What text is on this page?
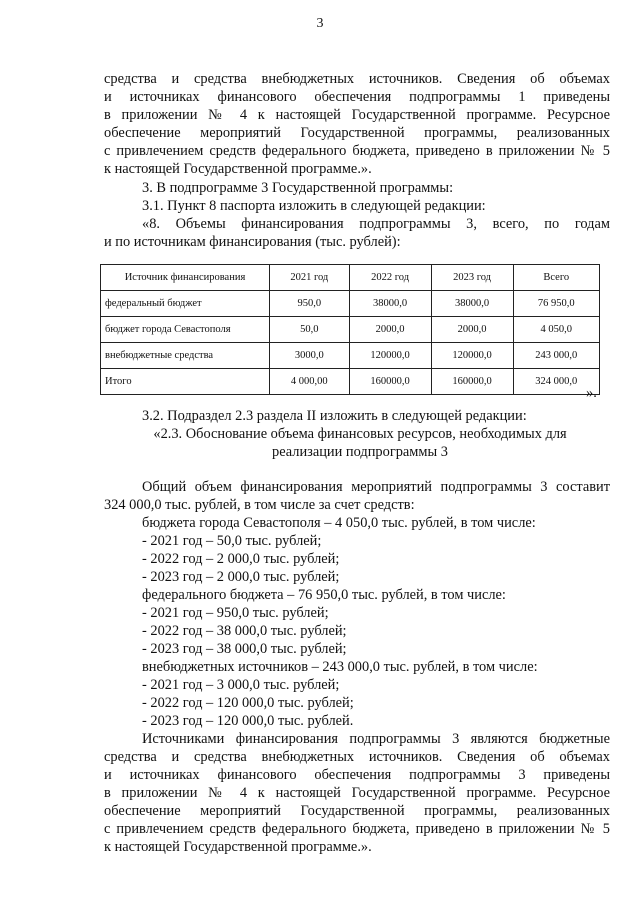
3
средства и средства внебюджетных источников. Сведения об объемах
и источниках финансового обеспечения подпрограммы 1 приведены
в приложении № 4 к настоящей Государственной программе. Ресурсное
обеспечение мероприятий Государственной программы, реализованных
с привлечением средств федерального бюджета, приведено в приложении № 5
к настоящей Государственной программе.».
3. В подпрограмме 3 Государственной программы:
3.1. Пункт 8 паспорта изложить в следующей редакции:
«8. Объемы финансирования подпрограммы 3, всего, по годам
и по источникам финансирования (тыс. рублей):
Источник финансирования	2021 год	2022 год	2023 год	Всего
федеральный бюджет	950,0	38000,0	38000,0	76 950,0
бюджет города Севастополя	50,0	2000,0	2000,0	4 050,0
внебюджетные средства	3000,0	120000,0	120000,0	243 000,0
Итого	4 000,00	160000,0	160000,0	324 000,0
».
3.2. Подраздел 2.3 раздела II изложить в следующей редакции:
«2.3. Обоснование объема финансовых ресурсов, необходимых для
реализации подпрограммы 3
Общий объем финансирования мероприятий подпрограммы 3 составит
324 000,0 тыс. рублей, в том числе за счет средств:
бюджета города Севастополя – 4 050,0 тыс. рублей, в том числе:
- 2021 год – 50,0 тыс. рублей;
- 2022 год – 2 000,0 тыс. рублей;
- 2023 год – 2 000,0 тыс. рублей;
федерального бюджета – 76 950,0 тыс. рублей, в том числе:
- 2021 год – 950,0 тыс. рублей;
- 2022 год – 38 000,0 тыс. рублей;
- 2023 год – 38 000,0 тыс. рублей;
внебюджетных источников – 243 000,0 тыс. рублей, в том числе:
- 2021 год – 3 000,0 тыс. рублей;
- 2022 год – 120 000,0 тыс. рублей;
- 2023 год – 120 000,0 тыс. рублей.
Источниками финансирования подпрограммы 3 являются бюджетные
средства и средства внебюджетных источников. Сведения об объемах
и источниках финансового обеспечения подпрограммы 3 приведены
в приложении № 4 к настоящей Государственной программе. Ресурсное
обеспечение мероприятий Государственной программы, реализованных
с привлечением средств федерального бюджета, приведено в приложении № 5
к настоящей Государственной программе.».
